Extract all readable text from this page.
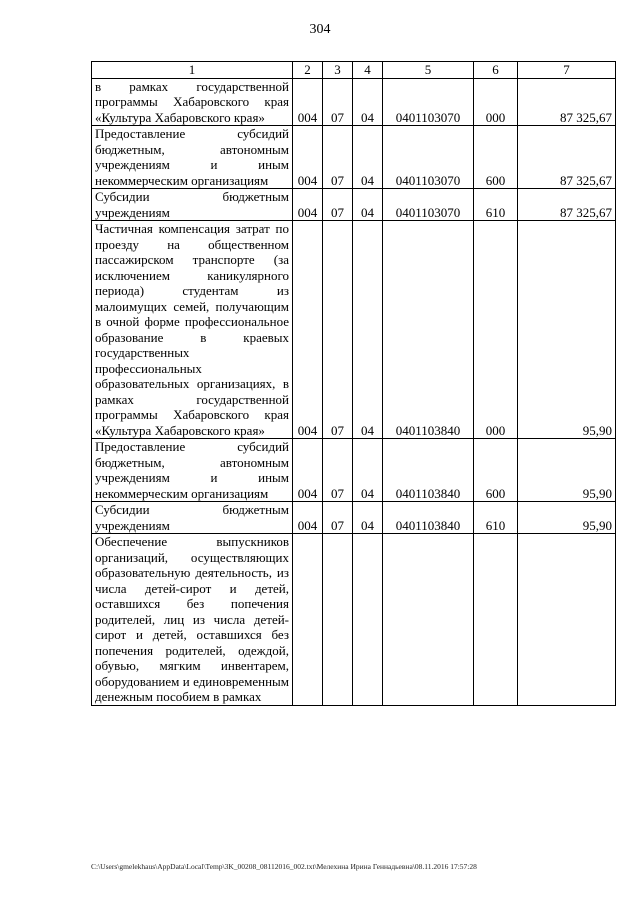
304
1	2	3	4	5	6	7
в рамках государственной программы Хабаровского края «Культура Хабаровского края»	004	07	04	0401103070	000	87 325,67
Предоставление субсидий бюджетным, автономным учреждениям и иным некоммерческим организациям	004	07	04	0401103070	600	87 325,67
Субсидии бюджетным учреждениям	004	07	04	0401103070	610	87 325,67
Частичная компенсация затрат по проезду на общественном пассажирском транспорте (за исключением каникулярного периода) студентам из малоимущих семей, получающим в очной форме профессиональное образование в краевых государственных профессиональных образовательных организациях, в рамках государственной программы Хабаровского края «Культура Хабаровского края»	004	07	04	0401103840	000	95,90
Предоставление субсидий бюджетным, автономным учреждениям и иным некоммерческим организациям	004	07	04	0401103840	600	95,90
Субсидии бюджетным учреждениям	004	07	04	0401103840	610	95,90
Обеспечение выпускников организаций, осуществляющих образовательную деятельность, из числа детей-сирот и детей, оставшихся без попечения родителей, лиц из числа детей-сирот и детей, оставшихся без попечения родителей, одеждой, обувью, мягким инвентарем, оборудованием и единовременным денежным пособием в рамках						
C:\Users\gmelekhaus\AppData\Local\Temp\3K_00208_08112016_002.txt\Мелехина Ирина Геннадьевна\08.11.2016 17:57:28
